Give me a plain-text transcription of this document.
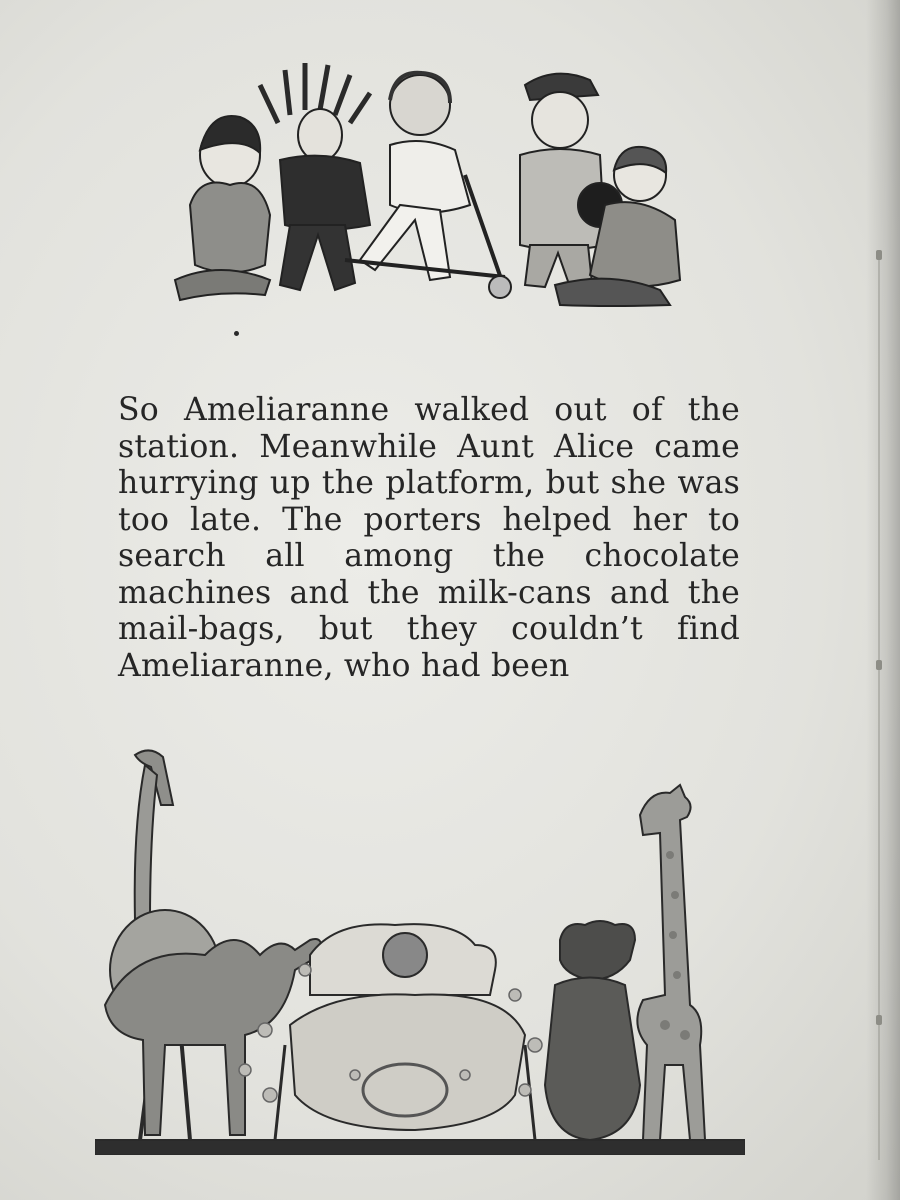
So Ameliaranne walked out of the station. Meanwhile Aunt Alice came hurrying up the platform, but she was too late. The porters helped her to search all among the chocolate machines and the milk-cans and the mail-bags, but they couldn’t find Ameliaranne, who had been
